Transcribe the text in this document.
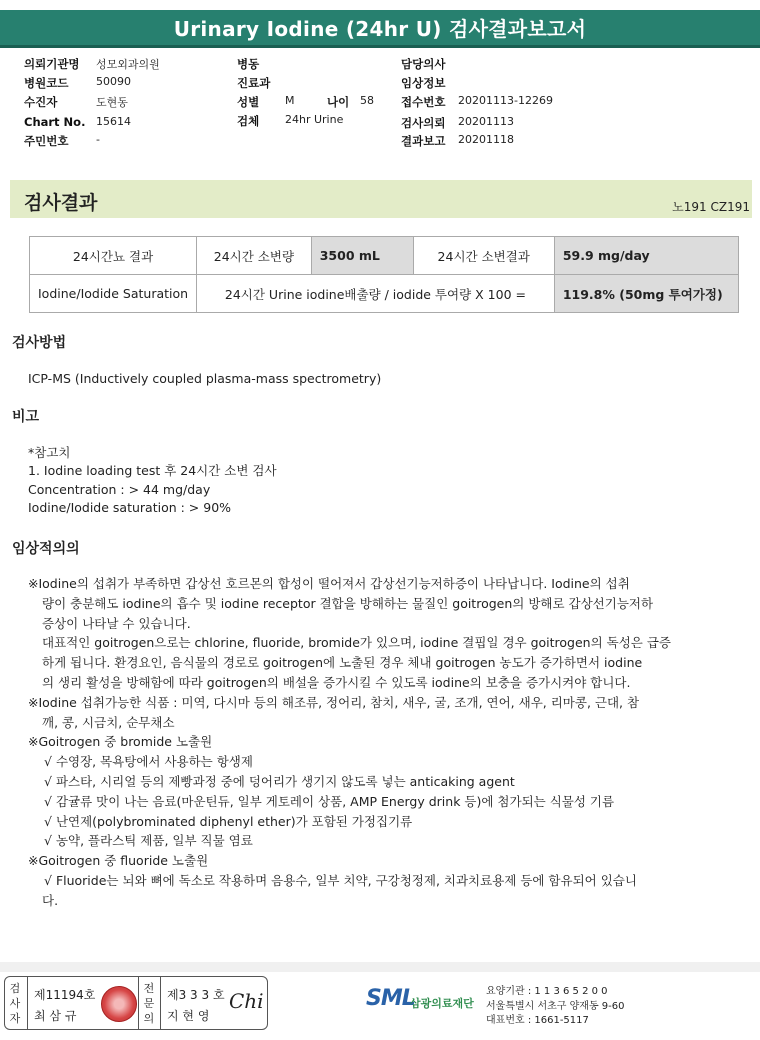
Urinary Iodine (24hr U) 검사결과보고서
의뢰기관명 성모외과의원
병원코드	50090
수진자	도현동
Chart No. 15614
주민번호	-
병동
진료과
성별 M	나이 58
검체 24hr Urine
담당의사
임상정보
접수번호 20201113-12269
검사의뢰 20201113
결과보고 20201118
검사결과	노191 CZ191
24시간뇨 결과	24시간 소변량	3500 mL	24시간 소변결과	59.9 mg/day
Iodine/Iodide Saturation	24시간 Urine iodine배출량 / iodide 투여량 X 100 =			119.8% (50mg 투여가정)
검사방법
ICP-MS (Inductively coupled plasma-mass spectrometry)
비고
*참고치
1. Iodine loading test 후 24시간 소변 검사
Concentration : > 44 mg/day
Iodine/Iodide saturation : > 90%
임상적의의
※Iodine의 섭취가 부족하면 갑상선 호르몬의 합성이 떨어져서 갑상선기능저하증이 나타납니다. Iodine의 섭취
량이 충분해도 iodine의 흡수 및 iodine receptor 결합을 방해하는 물질인 goitrogen의 방해로 갑상선기능저하
증상이 나타날 수 있습니다.
대표적인 goitrogen으로는 chlorine, fluoride, bromide가 있으며, iodine 결핍일 경우 goitrogen의 독성은 급증
하게 됩니다. 환경요인, 음식물의 경로로 goitrogen에 노출된 경우 체내 goitrogen 농도가 증가하면서 iodine
의 생리 활성을 방해함에 따라 goitrogen의 배설을 증가시킬 수 있도록 iodine의 보충을 증가시켜야 합니다.
※Iodine 섭취가능한 식품 : 미역, 다시마 등의 해조류, 정어리, 참치, 새우, 굴, 조개, 연어, 새우, 리마콩, 근대, 참
깨, 콩, 시금치, 순무채소
※Goitrogen 중 bromide 노출원
√ 수영장, 목욕탕에서 사용하는 항생제
√ 파스타, 시리얼 등의 제빵과정 중에 덩어리가 생기지 않도록 넣는 anticaking agent
√ 감귤류 맛이 나는 음료(마운틴듀, 일부 게토레이 상품, AMP Energy drink 등)에 첨가되는 식물성 기름
√ 난연제(polybrominated diphenyl ether)가 포함된 가정집기류
√ 농약, 플라스틱 제품, 일부 직물 염료
※Goitrogen 중 fluoride 노출원
√ Fluoride는 뇌와 뼈에 독소로 작용하며 음용수, 일부 치약, 구강청정제, 치과치료용제 등에 함유되어 있습니
다.
검
사
자
제11194호
최 삼 규
전
문
의
제3 3 3 호
지 현 영
Chi	SML
삼광의료재단
요양기관 : 1 1 3 6 5 2 0 0
서울특별시 서초구 양재동 9-60
대표번호 : 1661-5117
